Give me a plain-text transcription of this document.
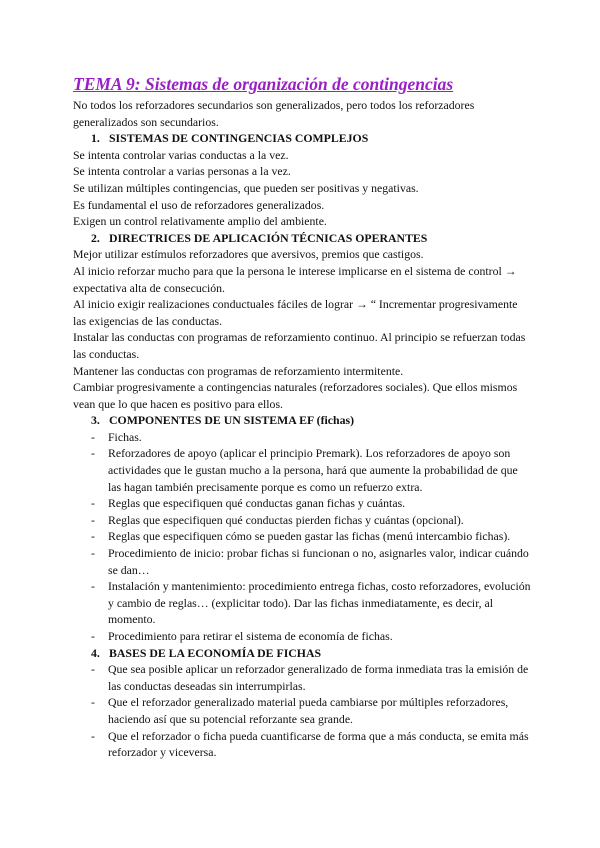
TEMA 9: Sistemas de organización de contingencias

No todos los reforzadores secundarios son generalizados, pero todos los reforzadores generalizados son secundarios.

1. SISTEMAS DE CONTINGENCIAS COMPLEJOS

Se intenta controlar varias conductas a la vez.

Se intenta controlar a varias personas a la vez.

Se utilizan múltiples contingencias, que pueden ser positivas y negativas.

Es fundamental el uso de reforzadores generalizados.

Exigen un control relativamente amplio del ambiente.

2. DIRECTRICES DE APLICACIÓN TÉCNICAS OPERANTES

Mejor utilizar estímulos reforzadores que aversivos, premios que castigos.

Al inicio reforzar mucho para que la persona le interese implicarse en el sistema de control → expectativa alta de consecución.

Al inicio exigir realizaciones conductuales fáciles de lograr → “ Incrementar progresivamente las exigencias de las conductas.

Instalar las conductas con programas de reforzamiento continuo. Al principio se refuerzan todas las conductas.

Mantener las conductas con programas de reforzamiento intermitente.

Cambiar progresivamente a contingencias naturales (reforzadores sociales). Que ellos mismos vean que lo que hacen es positivo para ellos.

3. COMPONENTES DE UN SISTEMA EF (fichas)
-	Fichas.
-	Reforzadores de apoyo (aplicar el principio Premark). Los reforzadores de apoyo son actividades que le gustan mucho a la persona, hará que aumente la probabilidad de que las hagan también precisamente porque es como un refuerzo extra.
-	Reglas que especifiquen qué conductas ganan fichas y cuántas.
-	Reglas que especifiquen qué conductas pierden fichas y cuántas (opcional).
-	Reglas que especifiquen cómo se pueden gastar las fichas (menú intercambio fichas).
-	Procedimiento de inicio: probar fichas si funcionan o no, asignarles valor, indicar cuándo se dan…
-	Instalación y mantenimiento: procedimiento entrega fichas, costo reforzadores, evolución y cambio de reglas… (explicitar todo). Dar las fichas inmediatamente, es decir, al momento.
-	Procedimiento para retirar el sistema de economía de fichas.
4. BASES DE LA ECONOMÍA DE FICHAS
-	Que sea posible aplicar un reforzador generalizado de forma inmediata tras la emisión de las conductas deseadas sin interrumpirlas.
-	Que el reforzador generalizado material pueda cambiarse por múltiples reforzadores, haciendo así que su potencial reforzante sea grande.
-	Que el reforzador o ficha pueda cuantificarse de forma que a más conducta, se emita más reforzador y viceversa.
